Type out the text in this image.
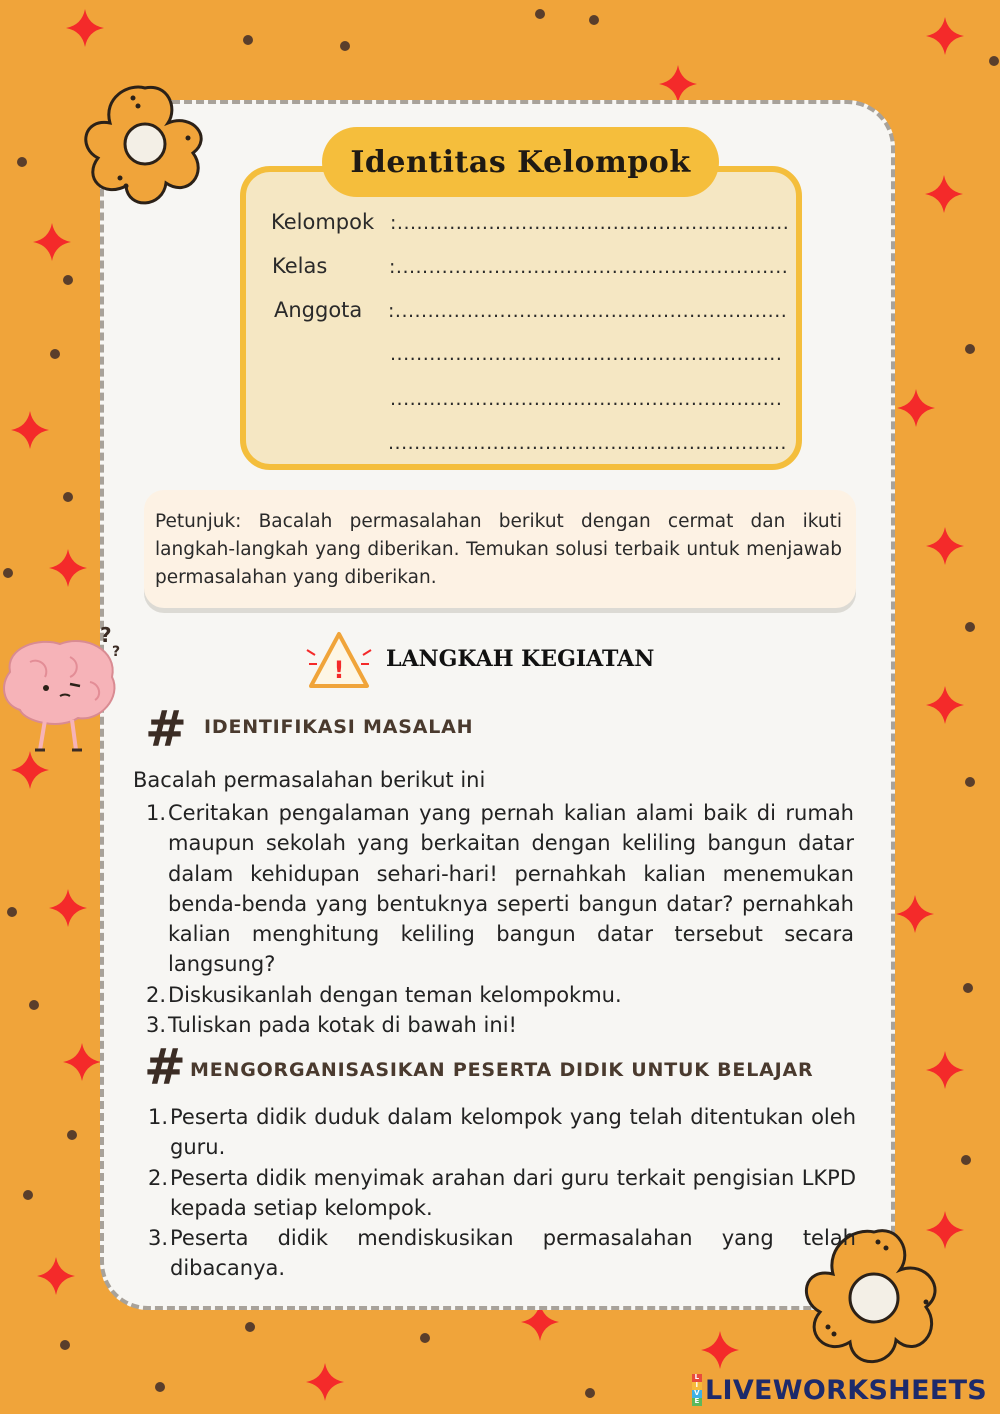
?
?
Identitas Kelompok
Kelompok :............................................................
Kelas	:............................................................
Anggota :............................................................
............................................................
............................................................
.............................................................
Petunjuk: Bacalah permasalahan berikut dengan cermat dan ikuti langkah-langkah yang diberikan. Temukan solusi terbaik untuk menjawab permasalahan yang diberikan.
! LANGKAH KEGIATAN
# IDENTIFIKASI MASALAH
Bacalah permasalahan berikut ini
1. Ceritakan pengalaman yang pernah kalian alami baik di rumah maupun sekolah yang berkaitan dengan keliling bangun datar dalam kehidupan sehari-hari! pernahkah kalian menemukan benda-benda yang bentuknya seperti bangun datar? pernahkah kalian menghitung keliling bangun datar tersebut secara langsung?
2. Diskusikanlah dengan teman kelompokmu.
3. Tuliskan pada kotak di bawah ini!
# MENGORGANISASIKAN PESERTA DIDIK UNTUK BELAJAR
1. Peserta didik duduk dalam kelompok yang telah ditentukan oleh guru.
2. Peserta didik menyimak arahan dari guru terkait pengisian LKPD kepada setiap kelompok.
3. Peserta didik mendiskusikan permasalahan yang telah dibacanya.
L
I
V
E LIVEWORKSHEETS
